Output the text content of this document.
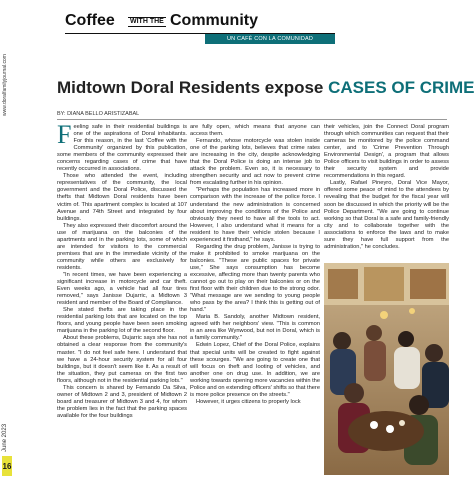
www.doralfamilyjournal.com
June 2023
16
Coffee WITH THE Community
UN CAFÉ CON LA COMUNIDAD
Midtown Doral Residents expose CASES OF CRIME
BY: DIANA BELLO ARISTIZABAL

Feeling safe in their residential buildings is one of the aspirations of Doral inhabitants. For this reason, in the last 'Coffee with the Community' organized by this publication, some members of the community expressed their concerns regarding cases of crime that have recently occurred in associations.

Those who attended the event, including representatives of the community, the local government and the Doral Police, discussed the thefts that Midtown Doral residents have been victim of. This apartment complex is located at 107 Avenue and 74th Street and integrated by four buildings.

They also expressed their discomfort around the use of marijuana on the balconies of the apartments and in the parking lots, some of which are intended for visitors to the commercial premises that are in the immediate vicinity of the community while others are exclusively for residents.

"In recent times, we have been experiencing a significant increase in motorcycle and car theft. Even weeks ago, a vehicle had all four tires removed," says Janisse Dujarric, a Midtown 3 resident and member of the Board of Compliance.

She stated thefts are taking place in the residential parking lots that are located on the top floors, and young people have been seen smoking marijuana in the parking lot of the second floor.

About these problems, Dujarric says she has not obtained a clear response from the community's master. "I do not feel safe here. I understand that we have a 24-hour security system for all four buildings, but it doesn't seem like it. As a result of the situation, they put cameras on the first two floors, although not in the residential parking lots."

This concern is shared by Fernando Da Silva, owner of Midtown 2 and 3, president of Midtown 2 board and treasurer of Midtown 3 and 4, for whom the problem lies in the fact that the parking spaces available for the four buildings

are fully open, which means that anyone can access them.

Fernando, whose motorcycle was stolen inside one of the parking lots, believes that crime rates are increasing in the city, despite acknowledging that the Doral Police is doing an intense job to attack the problem. Even so, it is necessary to strengthen security and act now to prevent crime from escalating further in his opinion.

"Perhaps the population has increased more in comparison with the increase of the police force. I understand the new administration is concerned about improving the conditions of the Police and obviously they need to have all the tools to act. However, I also understand what it means for a resident to have their vehicle stolen because I experienced it firsthand," he says.

Regarding the drug problem, Janisse is trying to make it prohibited to smoke marijuana on the balconies. "These are public spaces for private use," She says consumption has become excessive, affecting more than twenty parents who cannot go out to play on their balconies or on the first floor with their children due to the strong odor. "What message are we sending to young people who pass by the area? I think this is getting out of hand."

Maria B. Sandoly, another Midtown resident, agreed with her neighbors' view. "This is common in an area like Wynwood, but not in Doral, which is a family community."

Edwin Lopez, Chief of the Doral Police, explains that special units will be created to fight against these scourges. "We are going to create one that will focus on theft and looting of vehicles, and another one on drug use. In addition, we are working towards opening more vacancies within the Police and on extending officers' shifts so that there is more police presence on the streets."

However, it urges citizens to properly lock

their vehicles, join the Connect Doral program through which communities can request that their cameras be monitored by the police command center, and to 'Crime Prevention Through Environmental Design', a program that allows Police officers to visit buildings in order to assess their security system and provide recommendations in this regard.

Lastly, Rafael Pineyro, Doral Vice Mayor, offered some peace of mind to the attendees by revealing that the budget for the fiscal year will soon be discussed in which the priority will be the Police Department. "We are going to continue working so that Doral is a safe and family-friendly city and to collaborate together with the associations to enforce the laws and to make sure they have full support from the administration," he concludes.
